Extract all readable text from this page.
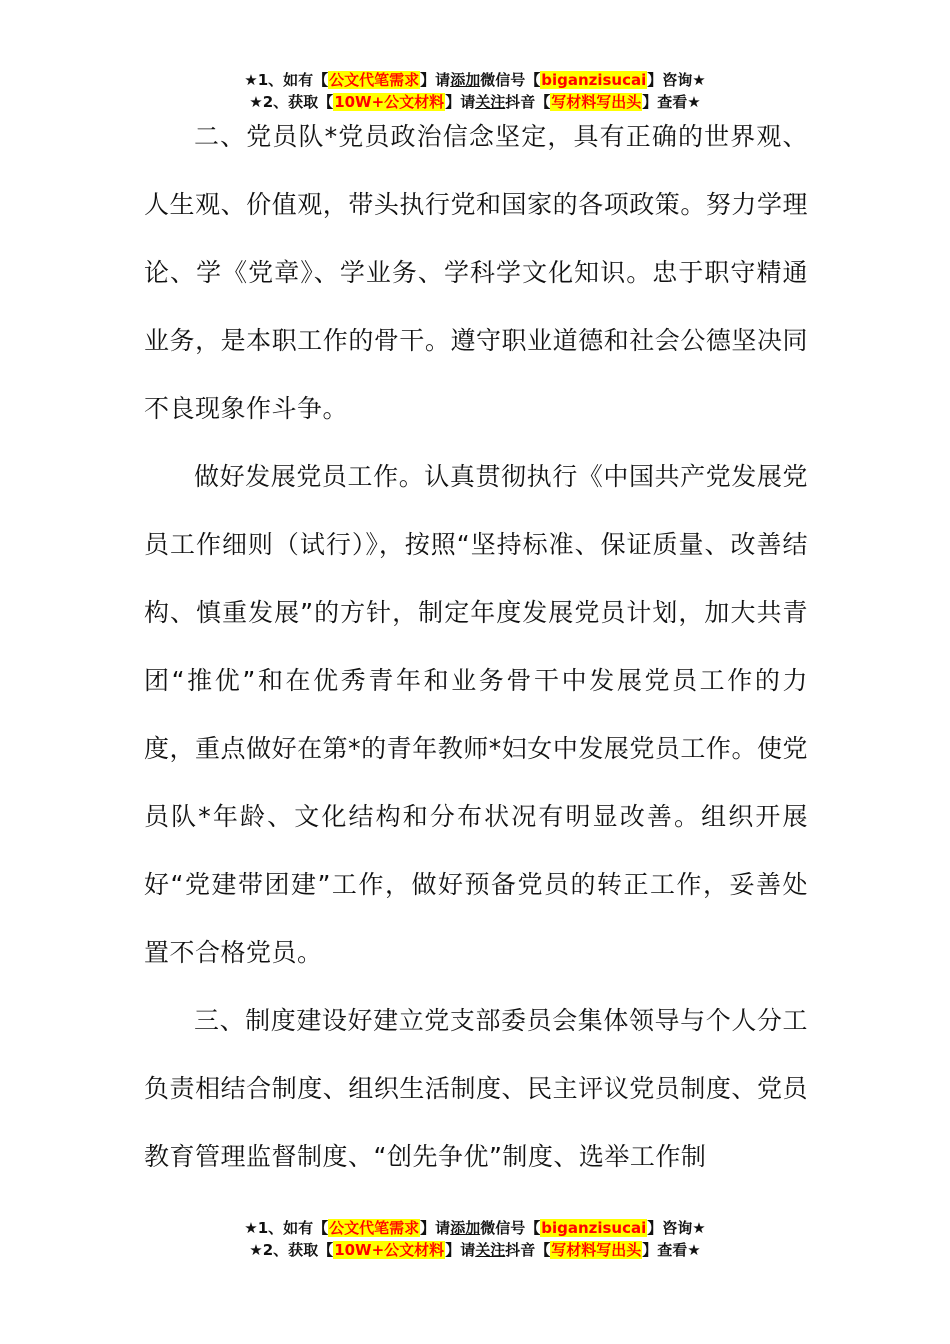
★1、如有【公文代笔需求】请添加微信号【biganzisucai】咨询★
★2、获取【10W+公文材料】请关注抖音【写材料写出头】查看★

二、党员队*党员政治信念坚定，具有正确的世界观、人生观、价值观，带头执行党和国家的各项政策。努力学理论、学《党章》、学业务、学科学文化知识。忠于职守精通业务，是本职工作的骨干。遵守职业道德和社会公德坚决同不良现象作斗争。

做好发展党员工作。认真贯彻执行《中国共产党发展党员工作细则（试行）》，按照“坚持标准、保证质量、改善结构、慎重发展”的方针，制定年度发展党员计划，加大共青团“推优”和在优秀青年和业务骨干中发展党员工作的力度，重点做好在第*的青年教师*妇女中发展党员工作。使党员队*年龄、文化结构和分布状况有明显改善。组织开展好“党建带团建”工作，做好预备党员的转正工作，妥善处置不合格党员。

三、制度建设好建立党支部委员会集体领导与个人分工负责相结合制度、组织生活制度、民主评议党员制度、党员教育管理监督制度、“创先争优”制度、选举工作制

★1、如有【公文代笔需求】请添加微信号【biganzisucai】咨询★
★2、获取【10W+公文材料】请关注抖音【写材料写出头】查看★
